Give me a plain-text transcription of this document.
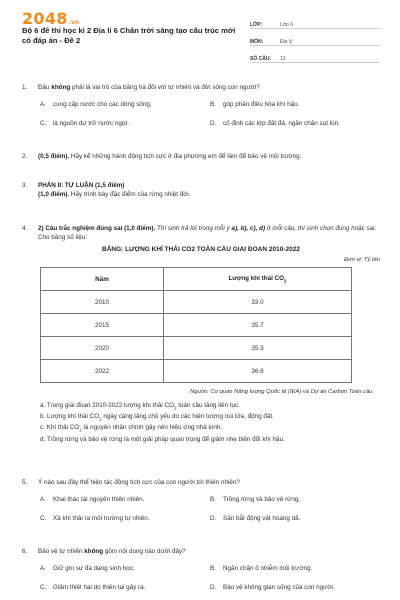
2048 .vn
Bộ 6 đề thi học kì 2 Địa lí 6 Chân trời sáng tạo cấu trúc mới có đáp án - Đề 2
LỚP:	Lớp 6
MÔN:	Địa lý
SỐ CÂU:	13
1.	Đâu không phải là vai trò của băng hà đối với tự nhiên và đời sống con người?
A.	cung cấp nước cho các dòng sông.	B.	góp phần điều hòa khí hậu.
C.	là nguồn dự trữ nước ngọt.	D.	cố định các lớp đất đá, ngăn chặn sụt lún.
2.	(0,5 điểm). Hãy kể những hành động tích cực ở địa phương em để làm để bảo vệ môi trường.
3.	PHẦN II: TỰ LUẬN (1,5 điểm)
(1,0 điểm). Hãy trình bày đặc điểm của rừng nhiệt đới.
4.	2) Câu trắc nghiệm đúng sai (1,0 điểm). Thí sinh trả lời trong mỗi ý a), b), c), d) ở mỗi câu, thí sinh chọn đúng hoặc sai.
Cho bảng số liệu:
BẢNG: LƯỢNG KHÍ THẢI CO2 TOÀN CẦU GIAI ĐOẠN 2010-2022
Đơn vị: Tỷ tấn
Năm	Lượng khí thải $CO_2$
2010	33.0
2015	35.7
2020	35.3
2022	36.8
Nguồn: Cơ quan Năng lượng Quốc tế (IEA) và Dự án Carbon Toàn cầu.
a. Trong giai đoạn 2010-2022 lượng khí thải $CO_2$ toàn cầu tăng liên tục.
b. Lượng khí thải $CO_2$ ngày càng tăng chủ yếu do các hiện tượng núi lửa, động đất.
c. Khí thải $CO_2$ là nguyên nhân chính gây nên hiệu ứng nhà kính.
d. Trồng rừng và bảo vệ rừng là một giải pháp quan trọng để giảm nhẹ biến đổi khí hậu.
5.	Ý nào sau đây thể hiện tác động tích cực của con người tới thiên nhiên?
A.	Khai thác tài nguyên thiên nhiên.	B.	Trồng rừng và bảo vệ rừng.
C.	Xả khí thải ra môi trường tự nhiên.	D.	Săn bắt động vật hoang dã.
6.	Bảo vệ tự nhiên không gồm nội dung nào dưới đây?
A.	Giữ gìn sự đa dạng sinh học.	B.	Ngăn chặn ô nhiễm môi trường.
C.	Giảm thiệt hại do thiên tai gây ra.	D.	Bảo vệ không gian sống của con người.
